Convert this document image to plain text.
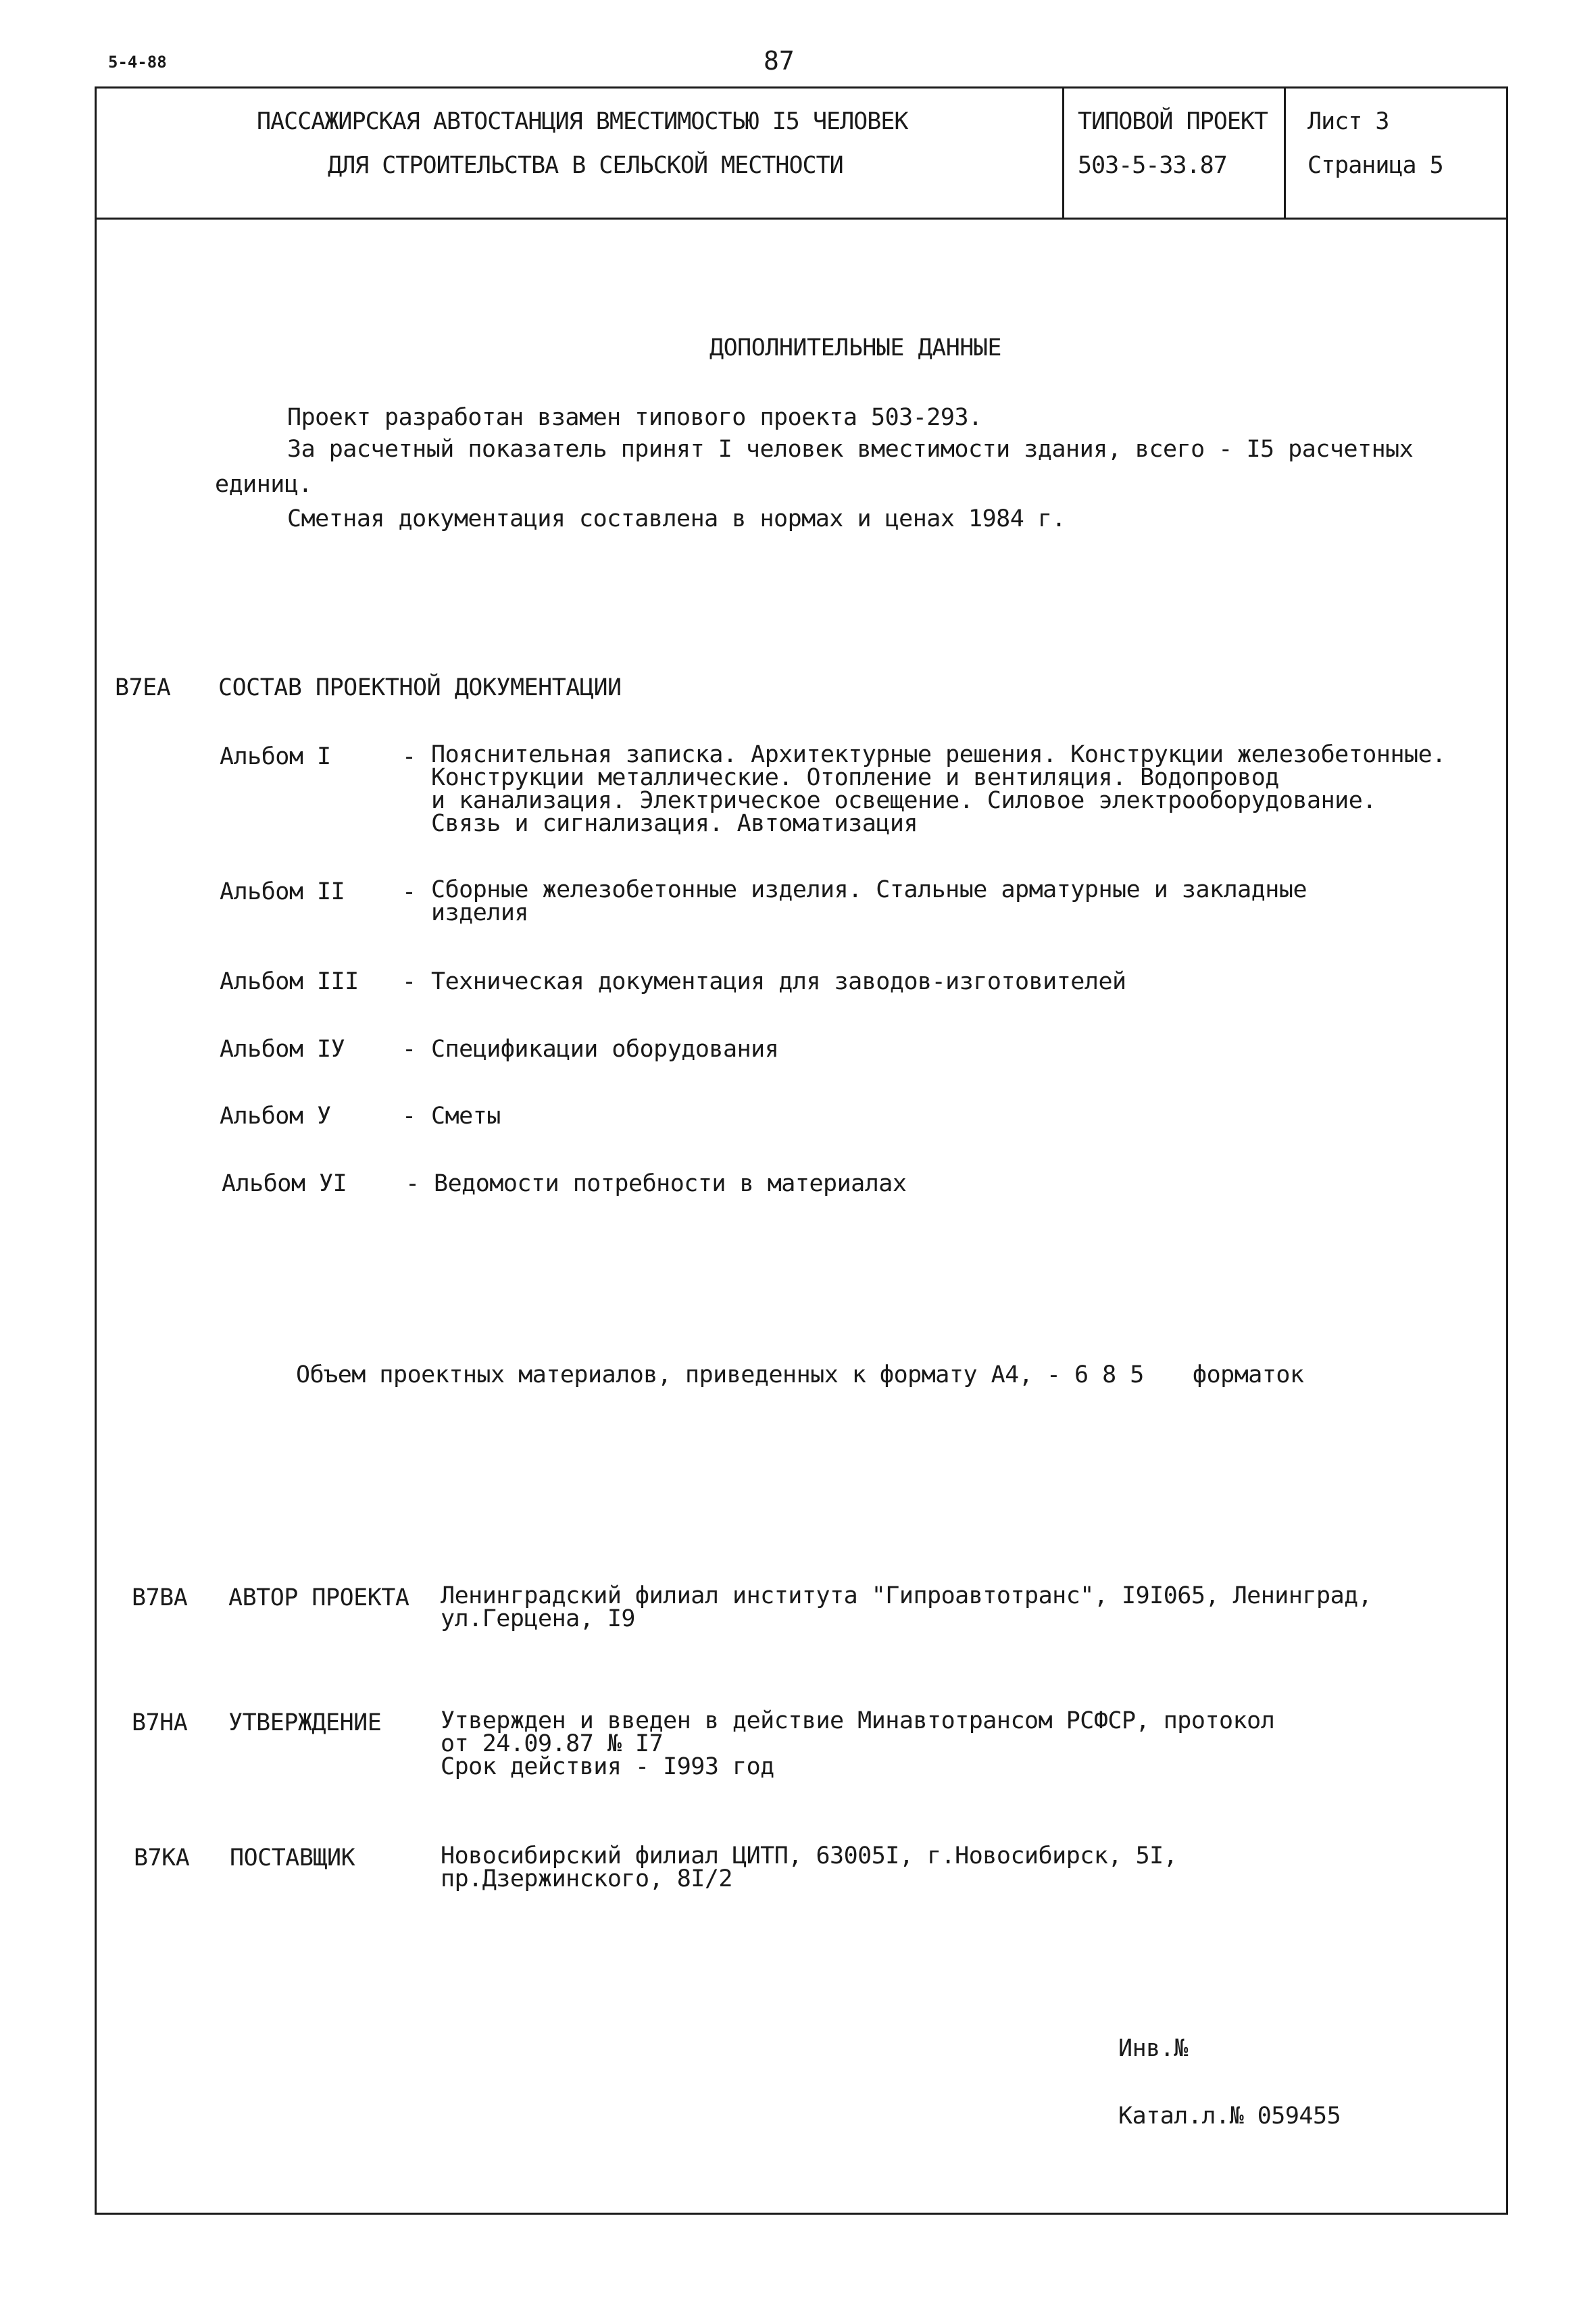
5-4-88	87
ПАССАЖИРСКАЯ АВТОСТАНЦИЯ ВМЕСТИМОСТЬЮ I5 ЧЕЛОВЕК
ДЛЯ СТРОИТЕЛЬСТВА В СЕЛЬСКОЙ МЕСТНОСТИ
ТИПОВОЙ ПРОЕКТ
503-5-33.87
Лист 3
Страница 5
ДОПОЛНИТЕЛЬНЫЕ ДАННЫЕ
Проект разработан взамен типового проекта 503-293.
За расчетный показатель принят I человек вместимости здания, всего - I5 расчетных
единиц.
Сметная документация составлена в нормах и ценах 1984 г.
В7ЕА СОСТАВ ПРОЕКТНОЙ ДОКУМЕНТАЦИИ
Альбом I	- Пояснительная записка. Архитектурные решения. Конструкции железобетонные.
Конструкции металлические. Отопление и вентиляция. Водопровод
и канализация. Электрическое освещение. Силовое электрооборудование.
Связь и сигнализация. Автоматизация
Альбом II - Сборные железобетонные изделия. Стальные арматурные и закладные
изделия
Альбом III - Техническая документация для заводов-изготовителей
Альбом IУ - Спецификации оборудования
Альбом У	- Сметы
Альбом УI - Ведомости потребности в материалах
Объем проектных материалов, приведенных к формату А4, - 6 8 5 форматок
В7ВА АВТОР ПРОЕКТА Ленинградский филиал института "Гипроавтотранс", I9I065, Ленинград,
ул.Герцена, I9
В7НА УТВЕРЖДЕНИЕ	Утвержден и введен в действие Минавтотрансом РСФСР, протокол
от 24.09.87 № I7
Срок действия - I993 год
В7КА ПОСТАВЩИК	Новосибирский филиал ЦИТП, 63005I, г.Новосибирск, 5I,
пр.Дзержинского, 8I/2
Инв.№
Катал.л.№ 059455
